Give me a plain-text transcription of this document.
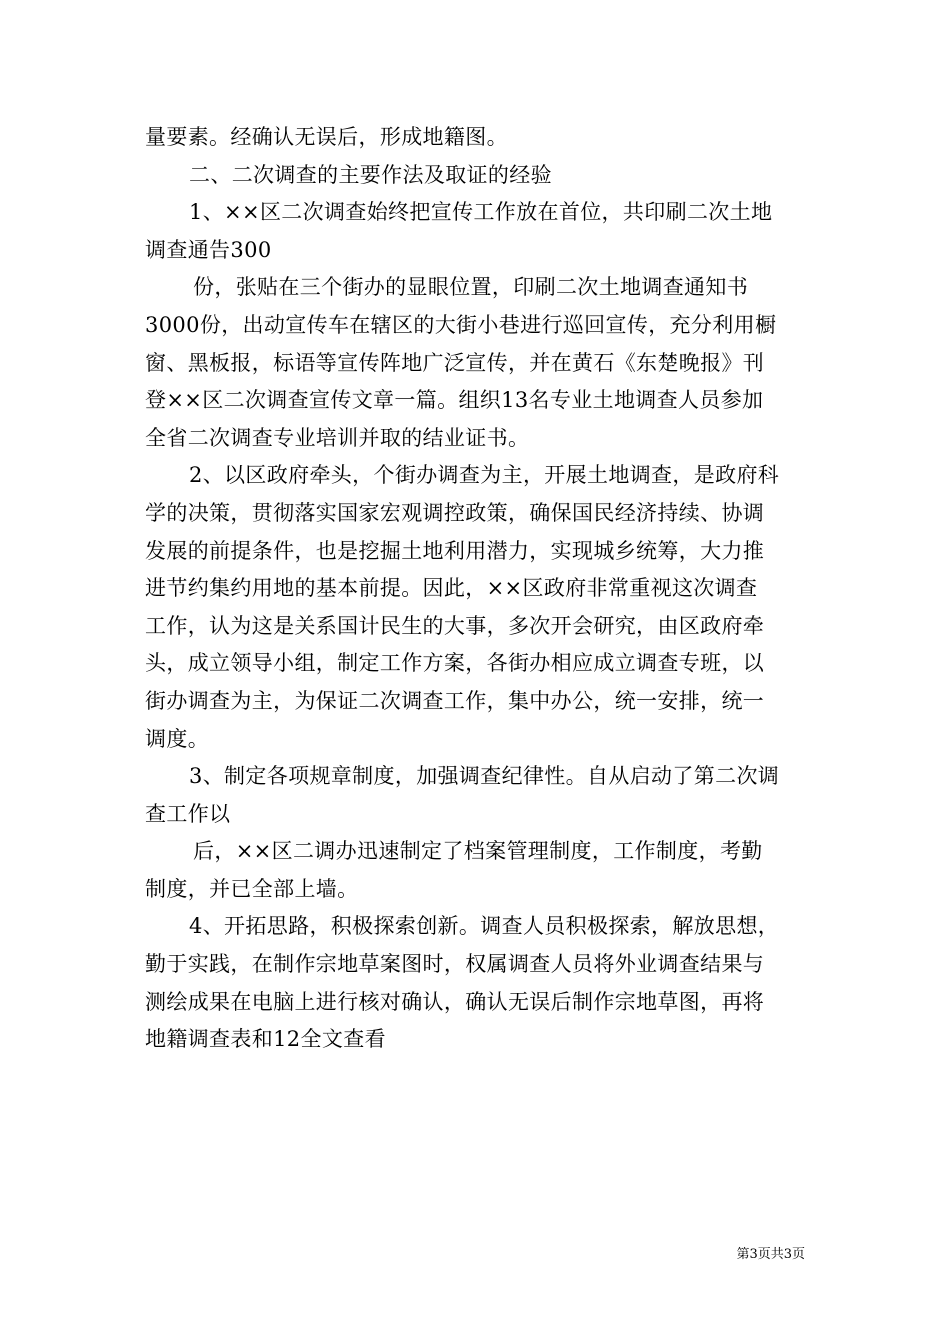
量要素。经确认无误后，形成地籍图。
二、二次调查的主要作法及取证的经验
1、××区二次调查始终把宣传工作放在首位，共印刷二次土地
调查通告300
份，张贴在三个街办的显眼位置，印刷二次土地调查通知书
3000份，出动宣传车在辖区的大街小巷进行巡回宣传，充分利用橱
窗、黑板报，标语等宣传阵地广泛宣传，并在黄石《东楚晚报》刊
登××区二次调查宣传文章一篇。组织13名专业土地调查人员参加
全省二次调查专业培训并取的结业证书。
2、以区政府牵头，个街办调查为主，开展土地调查，是政府科
学的决策，贯彻落实国家宏观调控政策，确保国民经济持续、协调
发展的前提条件，也是挖掘土地利用潜力，实现城乡统筹，大力推
进节约集约用地的基本前提。因此，××区政府非常重视这次调查
工作，认为这是关系国计民生的大事，多次开会研究，由区政府牵
头，成立领导小组，制定工作方案，各街办相应成立调查专班，以
街办调查为主，为保证二次调查工作，集中办公，统一安排，统一
调度。
3、制定各项规章制度，加强调查纪律性。自从启动了第二次调
查工作以
后，××区二调办迅速制定了档案管理制度，工作制度，考勤
制度，并已全部上墙。
4、开拓思路，积极探索创新。调查人员积极探索，解放思想，
勤于实践，在制作宗地草案图时，权属调查人员将外业调查结果与
测绘成果在电脑上进行核对确认，确认无误后制作宗地草图，再将
地籍调查表和12全文查看
第3页共3页
